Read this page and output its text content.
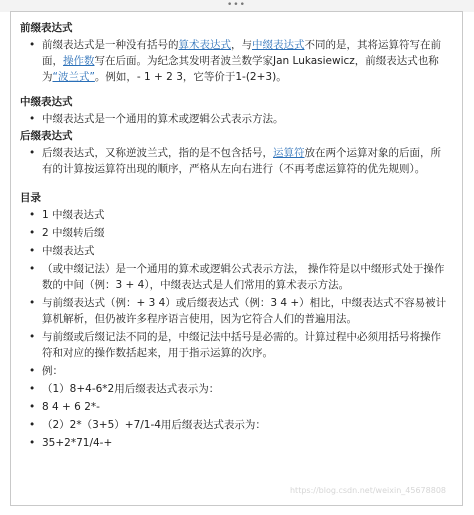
•••

前缀表达式

• 前缀表达式是一种没有括号的算术表达式，与中缀表达式不同的是，其将运算符写在前面，操作数写在后面。为纪念其发明者波兰数学家Jan Lukasiewicz，前缀表达式也称为“波兰式”。例如，- 1 + 2 3，它等价于1-(2+3)。

中缀表达式

• 中缀表达式是一个通用的算术或逻辑公式表示方法。

后缀表达式

• 后缀表达式，又称逆波兰式，指的是不包含括号，运算符放在两个运算对象的后面，所有的计算按运算符出现的顺序，严格从左向右进行（不再考虑运算符的优先规则）。

目录

• 1 中缀表达式
• 2 中缀转后缀
• 中缀表达式
• （或中缀记法）是一个通用的算术或逻辑公式表示方法， 操作符是以中缀形式处于操作数的中间（例：3 + 4），中缀表达式是人们常用的算术表示方法。
• 与前缀表达式（例：+ 3 4）或后缀表达式（例：3 4 +）相比，中缀表达式不容易被计算机解析，但仍被许多程序语言使用，因为它符合人们的普遍用法。
• 与前缀或后缀记法不同的是，中缀记法中括号是必需的。计算过程中必须用括号将操作符和对应的操作数括起来，用于指示运算的次序。
• 例：
• （1）8+4-6*2用后缀表达式表示为：
• 8 4 + 6 2*-
• （2）2*（3+5）+7/1-4用后缀表达式表示为：
• 35+2*71/4-+
https://blog.csdn.net/weixin_45678808
